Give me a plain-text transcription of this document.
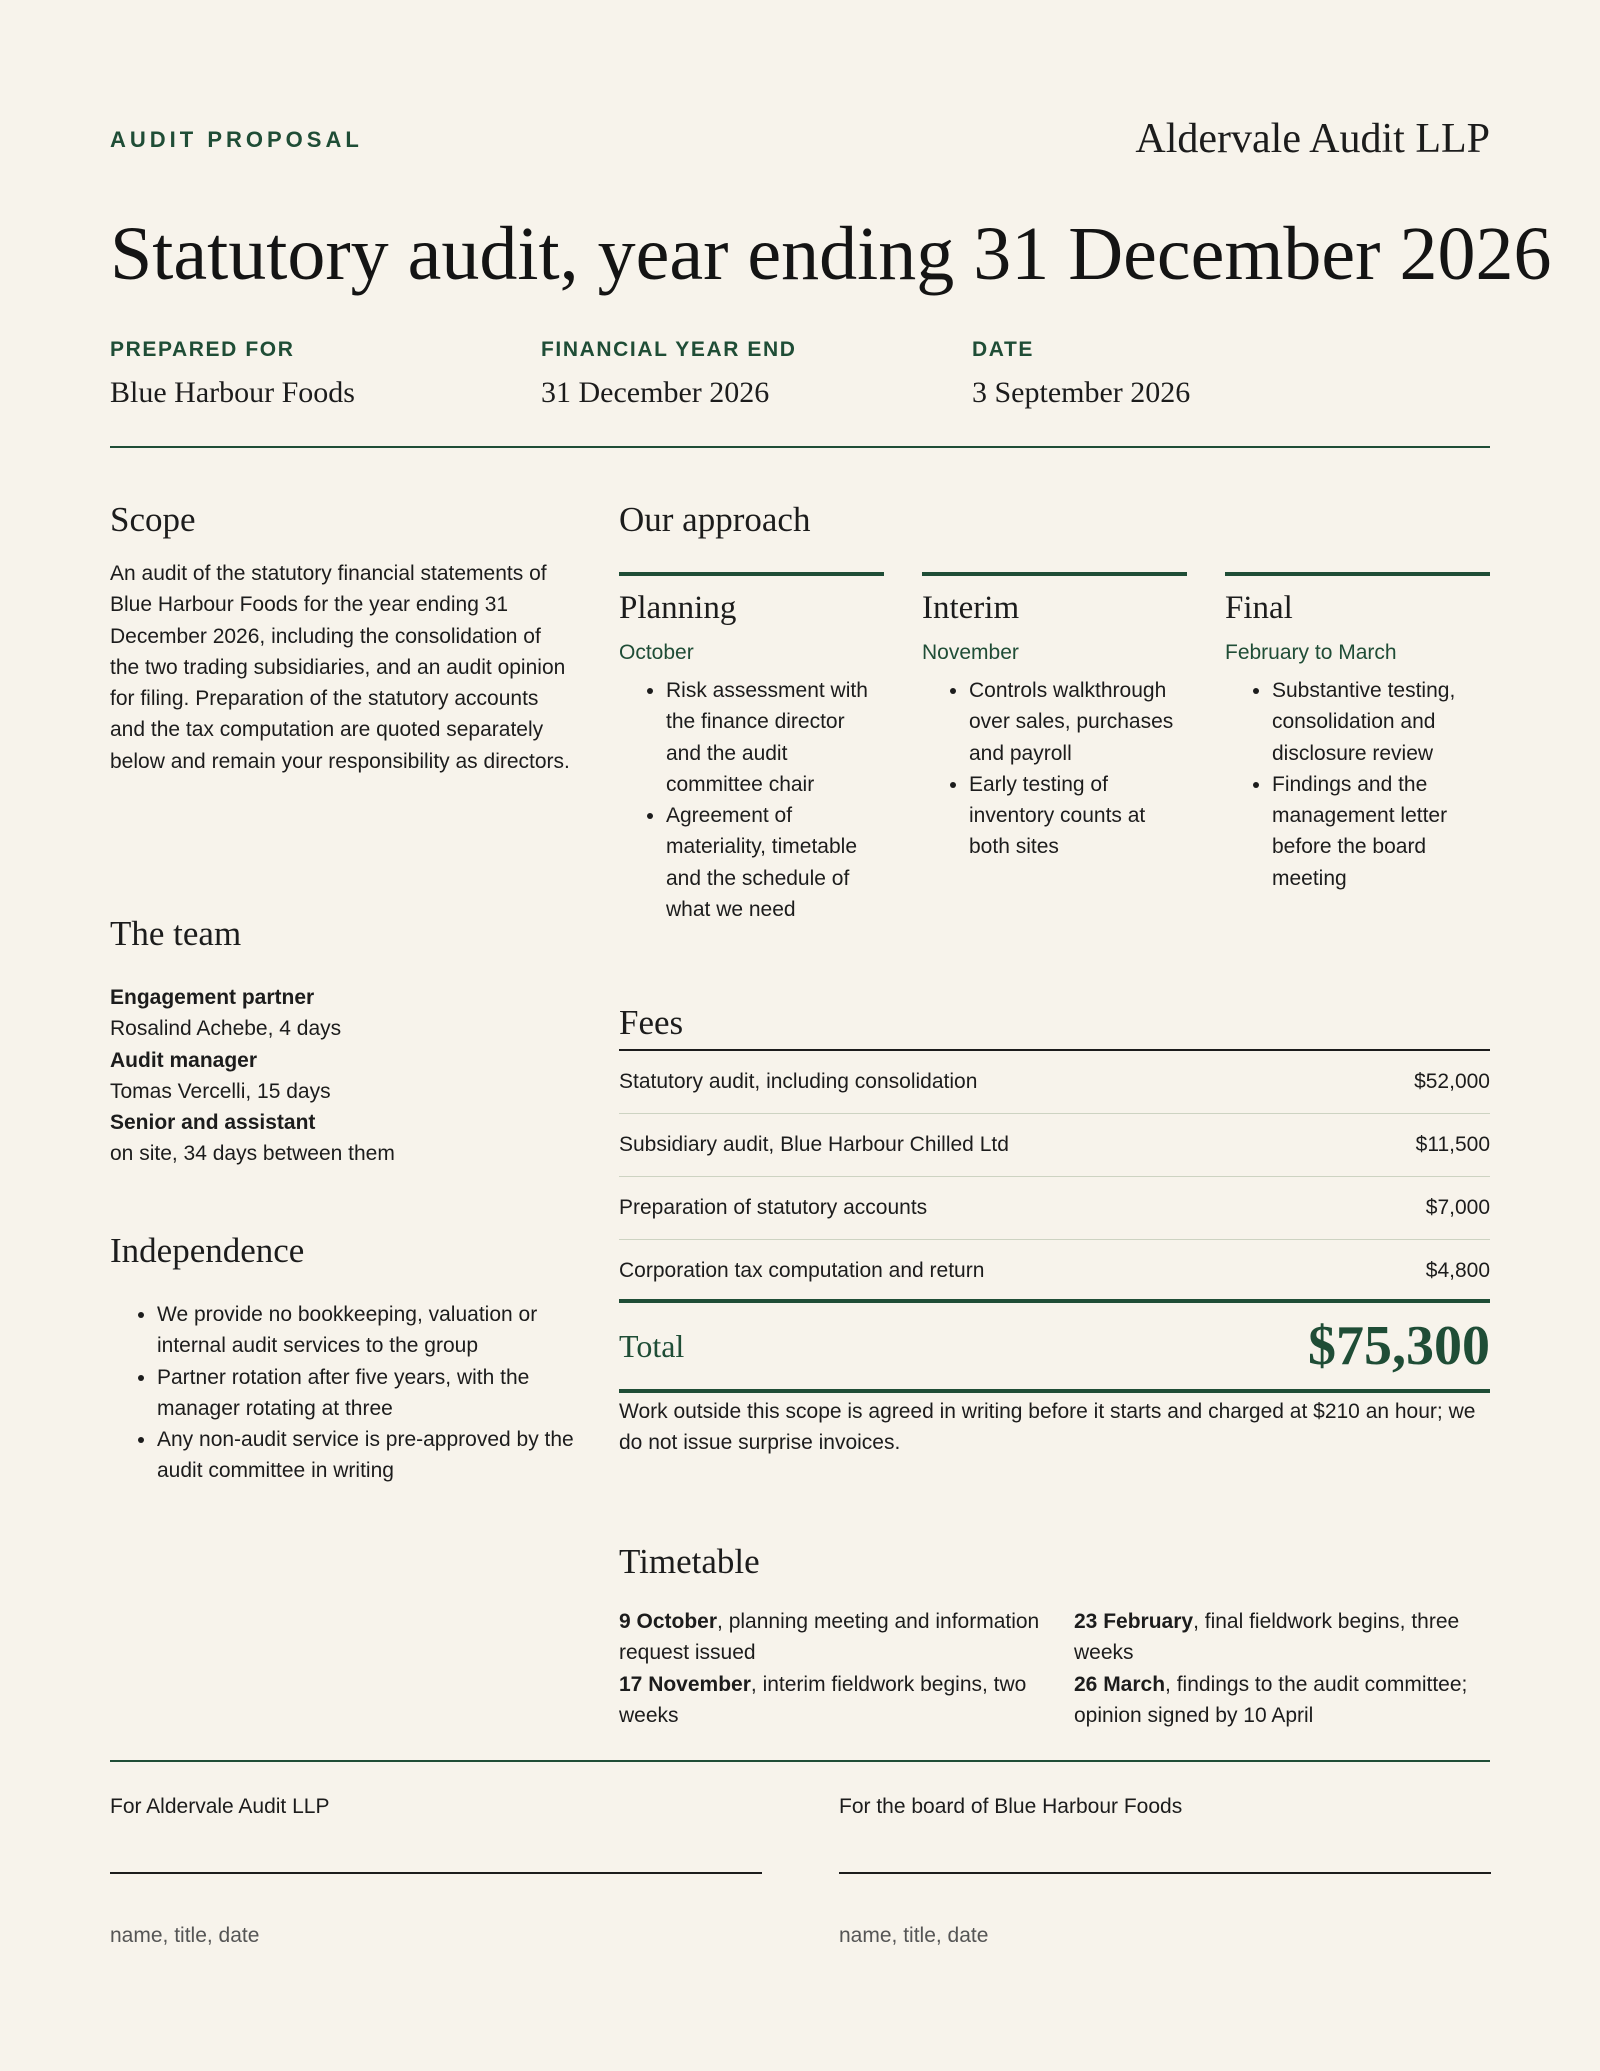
AUDIT PROPOSAL	Aldervale Audit LLP
Statutory audit, year ending 31 December 2026
PREPARED FOR
Blue Harbour Foods
FINANCIAL YEAR END
31 December 2026
DATE
3 September 2026
Scope
An audit of the statutory financial statements of Blue Harbour Foods for the year ending 31 December 2026, including the consolidation of the two trading subsidiaries, and an audit opinion for filing. Preparation of the statutory accounts and the tax computation are quoted separately below and remain your responsibility as directors.
The team
Engagement partner
Rosalind Achebe, 4 days
Audit manager
Tomas Vercelli, 15 days
Senior and assistant
on site, 34 days between them
Independence
• We provide no bookkeeping, valuation or internal audit services to the group
• Partner rotation after five years, with the manager rotating at three
• Any non-audit service is pre-approved by the audit committee in writing
Our approach
Planning
October
• Risk assessment with the finance director and the audit committee chair
• Agreement of materiality, timetable and the schedule of what we need
Interim
November
• Controls walkthrough over sales, purchases and payroll
• Early testing of inventory counts at both sites
Final
February to March
• Substantive testing, consolidation and disclosure review
• Findings and the management letter before the board meeting
Fees
Statutory audit, including consolidation	$52,000
Subsidiary audit, Blue Harbour Chilled Ltd	$11,500
Preparation of statutory accounts	$7,000
Corporation tax computation and return	$4,800
Total	$75,300
Work outside this scope is agreed in writing before it starts and charged at $210 an hour; we do not issue surprise invoices.
Timetable
9 October, planning meeting and information request issued
17 November, interim fieldwork begins, two weeks
23 February, final fieldwork begins, three weeks
26 March, findings to the audit committee; opinion signed by 10 April
For Aldervale Audit LLP
name, title, date
For the board of Blue Harbour Foods
name, title, date
